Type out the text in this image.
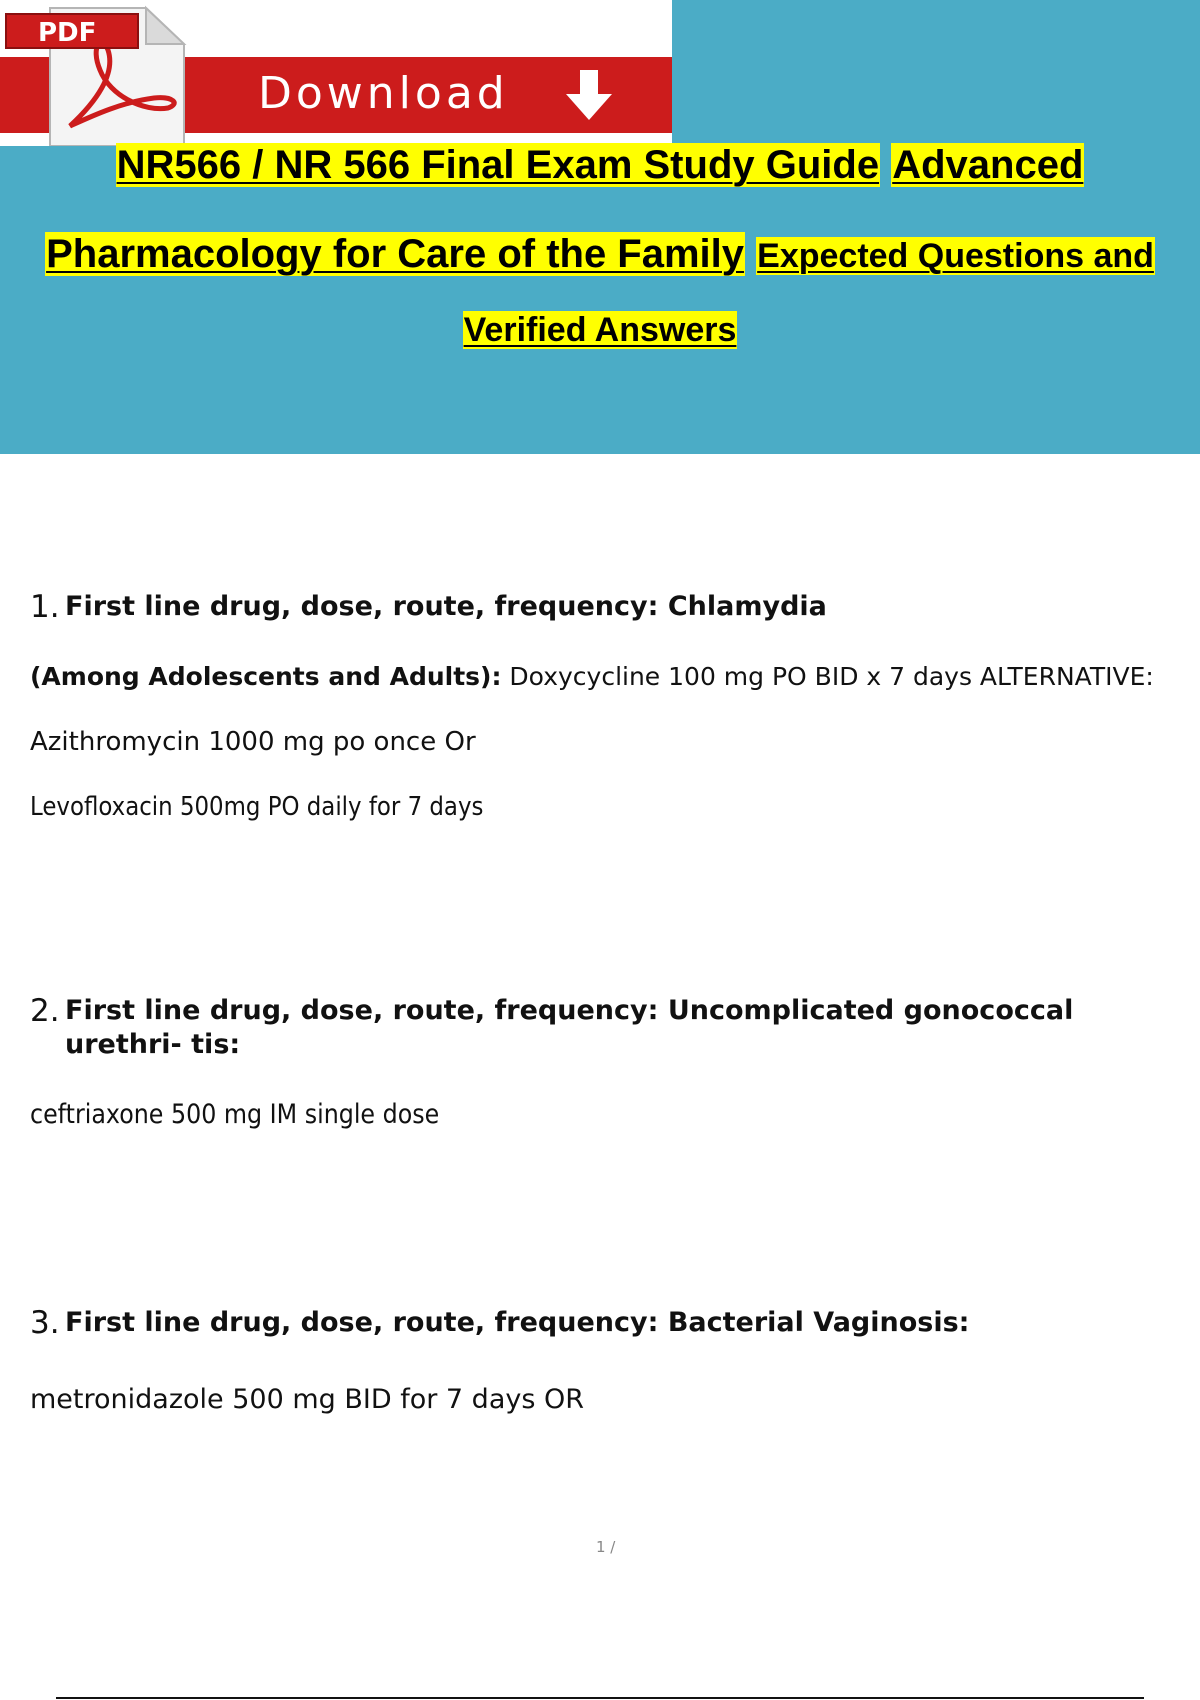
Download
PDF
NR566 / NR 566 Final Exam Study Guide Advanced
Pharmacology for Care of the Family Expected Questions and
Verified Answers
1. First line drug, dose, route, frequency: Chlamydia
(Among Adolescents and Adults): Doxycycline 100 mg PO BID x 7 days ALTERNATIVE:
Azithromycin 1000 mg po once Or
Levofloxacin 500mg PO daily for 7 days
2. First line drug, dose, route, frequency: Uncomplicated gonococcal urethri- tis:
ceftriaxone 500 mg IM single dose
3. First line drug, dose, route, frequency: Bacterial Vaginosis:
metronidazole 500 mg BID for 7 days OR
1 /
